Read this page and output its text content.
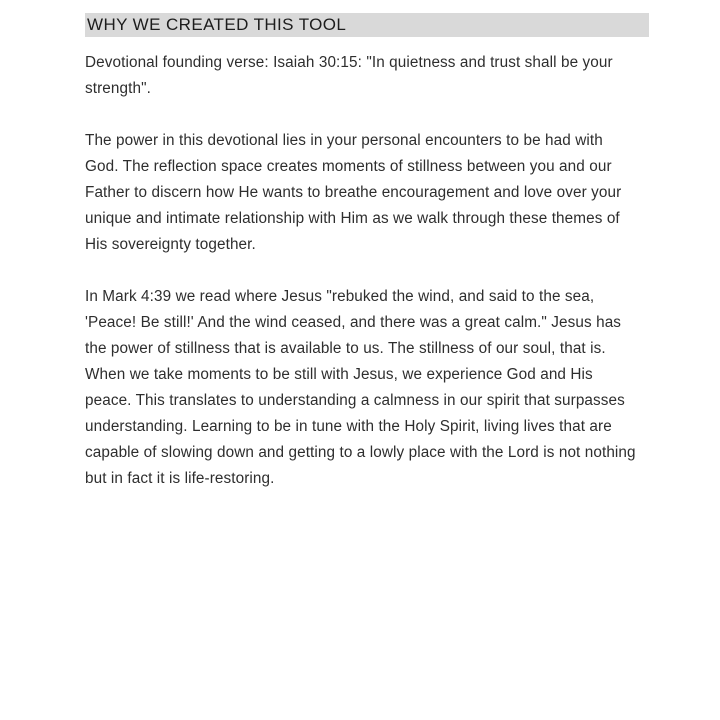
WHY WE CREATED THIS TOOL

Devotional founding verse: Isaiah 30:15: "In quietness and trust shall be your strength".

The power in this devotional lies in your personal encounters to be had with God. The reflection space creates moments of stillness between you and our Father to discern how He wants to breathe encouragement and love over your unique and intimate relationship with Him as we walk through these themes of His sovereignty together.

In Mark 4:39 we read where Jesus "rebuked the wind, and said to the sea, 'Peace! Be still!' And the wind ceased, and there was a great calm." Jesus has the power of stillness that is available to us. The stillness of our soul, that is. When we take moments to be still with Jesus, we experience God and His peace. This translates to understanding a calmness in our spirit that surpasses understanding. Learning to be in tune with the Holy Spirit, living lives that are capable of slowing down and getting to a lowly place with the Lord is not nothing but in fact it is life-restoring.
